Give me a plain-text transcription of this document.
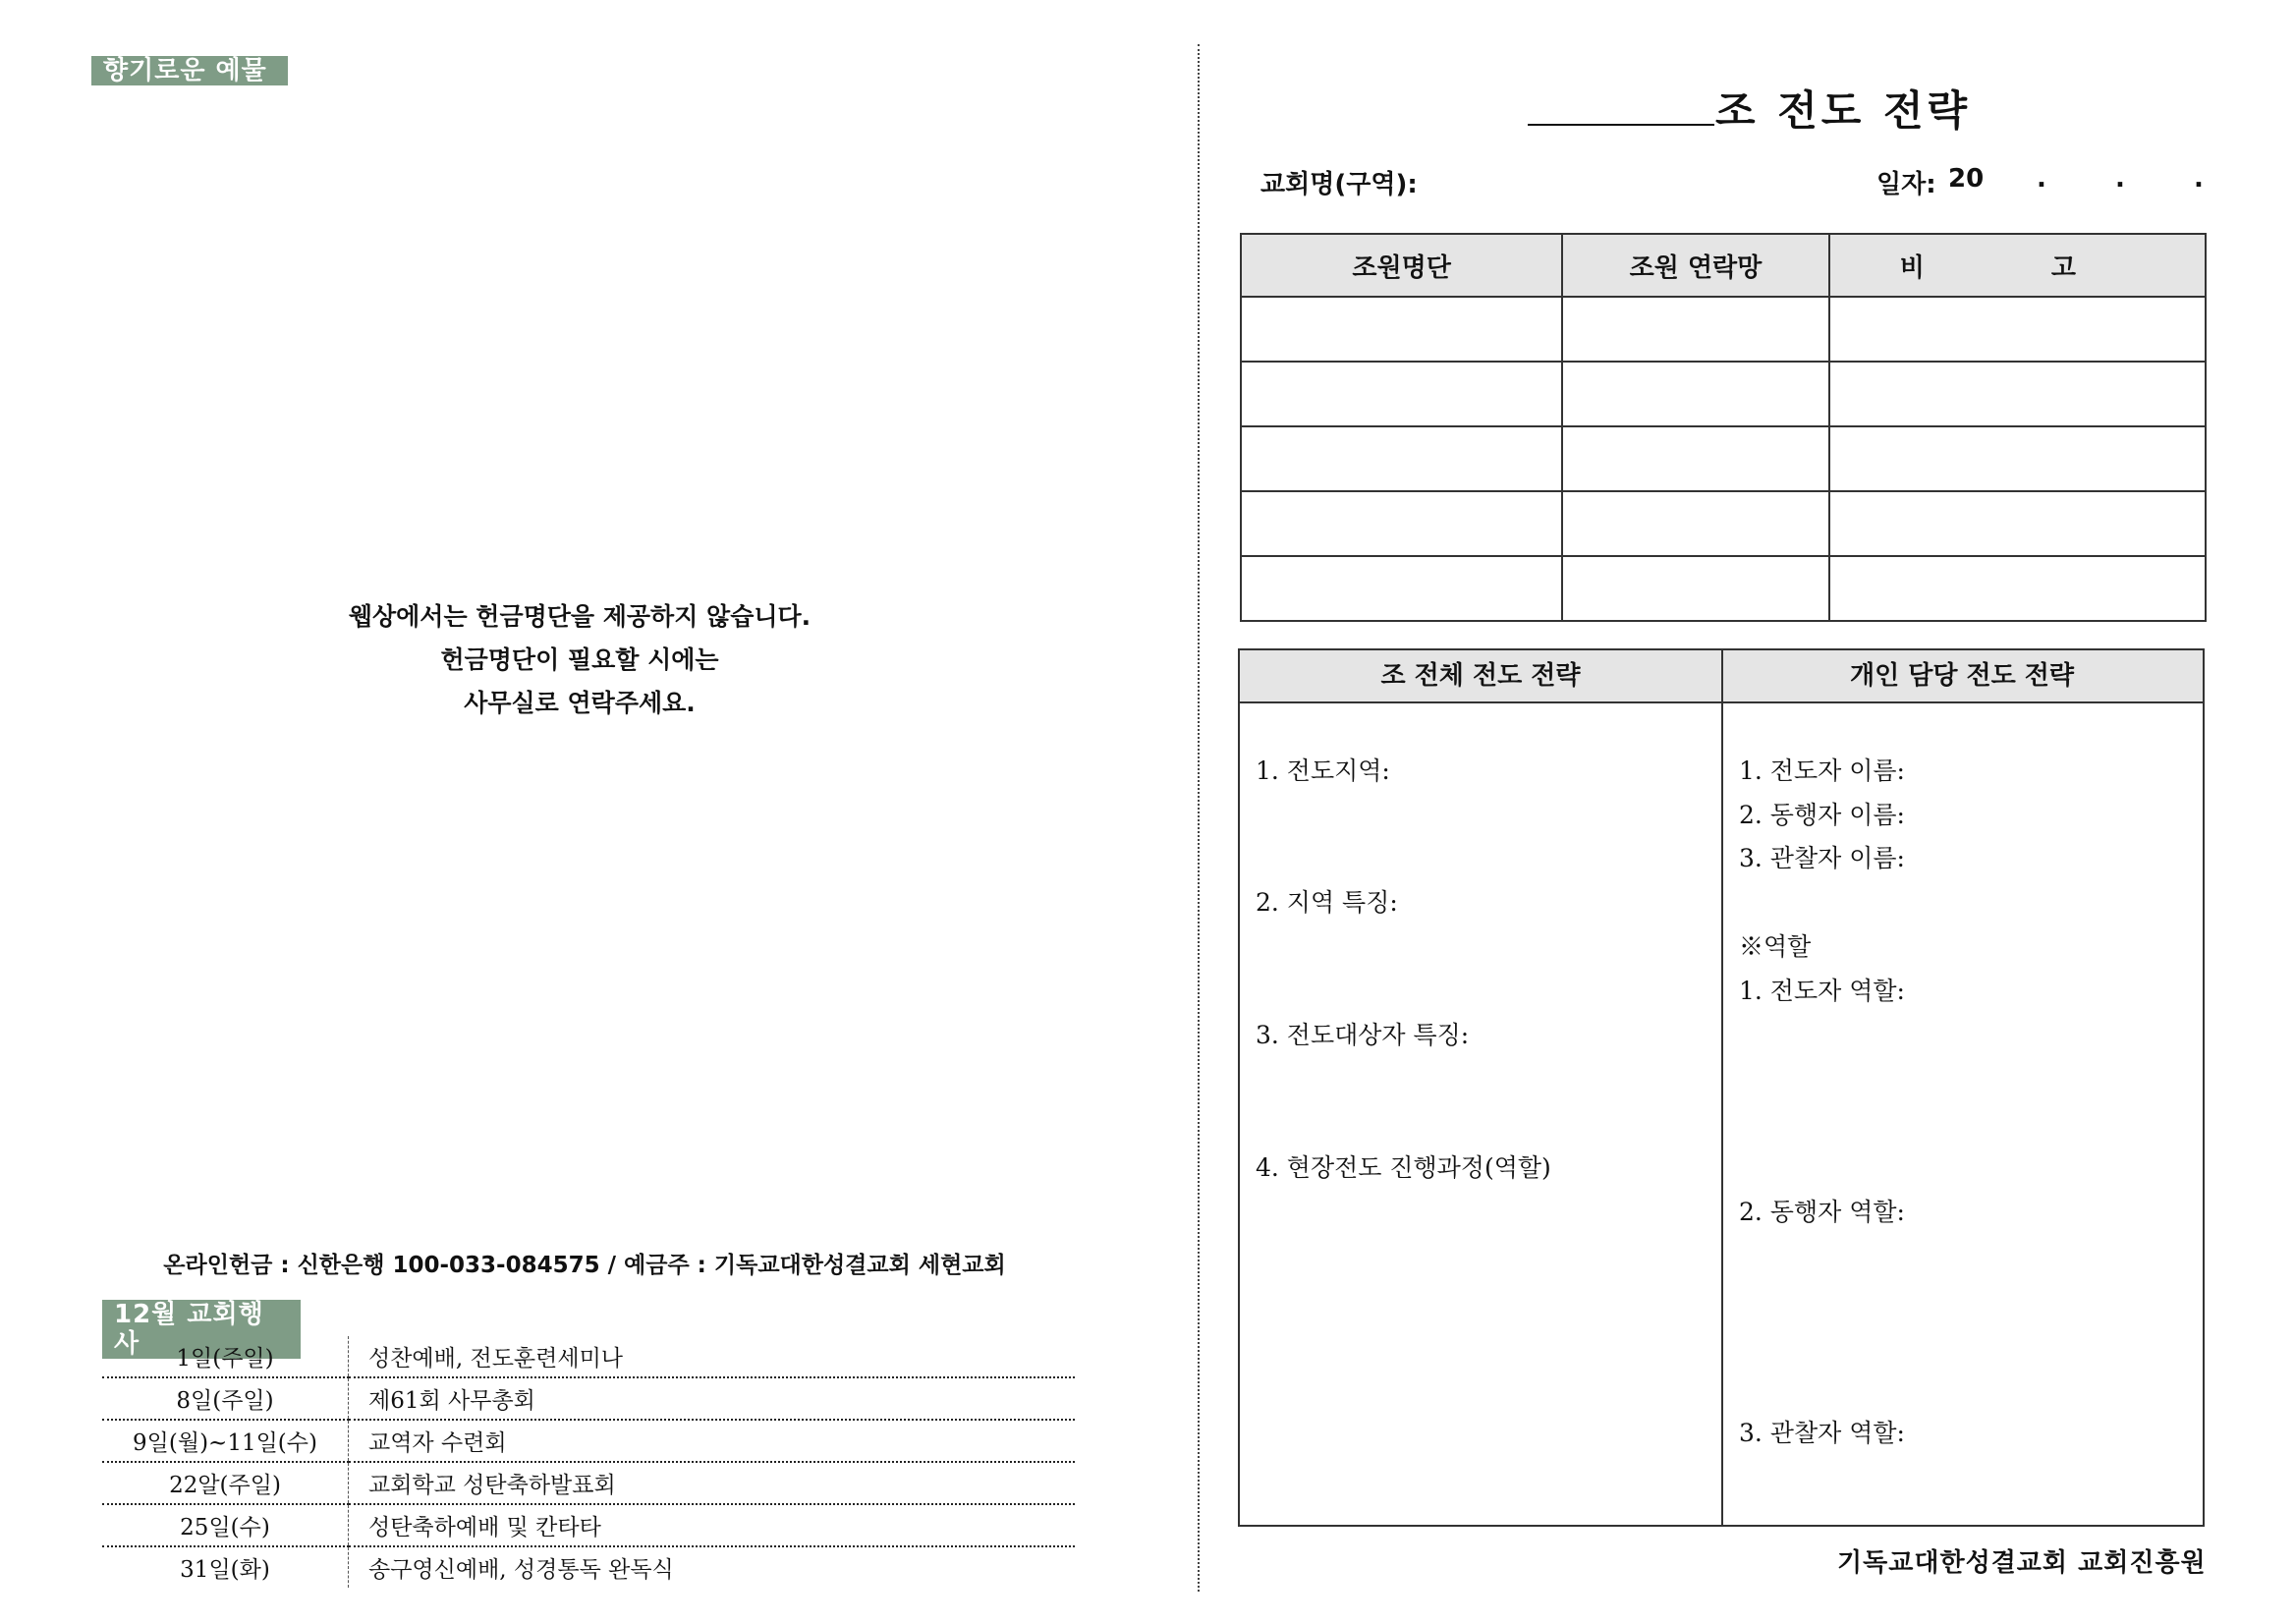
향기로운 예물
웹상에서는 헌금명단을 제공하지 않습니다.
헌금명단이 필요할 시에는
사무실로 연락주세요.
온라인헌금 : 신한은행 100-033-084575 / 예금주 : 기독교대한성결교회 세현교회
12월 교회행사	1일(주일)	성찬예배, 전도훈련세미나
8일(주일)	제61회 사무총회
9일(월)~11일(수)	교역자 수련회
22알(주일)	교회학교 성탄축하발표회
25일(수)	성탄축하예배 및 칸타타
31일(화)	송구영신예배, 성경통독 완독식
조 전도 전략
교회명(구역):	일자: 20 .	.	.
조원명단	조원 연락망	비 고

조 전체 전도 전략	개인 담당 전도 전략
1. 전도지역:
2. 지역 특징:
3. 전도대상자 특징:
4. 현장전도 진행과정(역할)
1. 전도자 이름:
2. 동행자 이름:
3. 관찰자 이름:
※역할
1. 전도자 역할:
2. 동행자 역할:
3. 관찰자 역할:
기독교대한성결교회 교회진흥원
